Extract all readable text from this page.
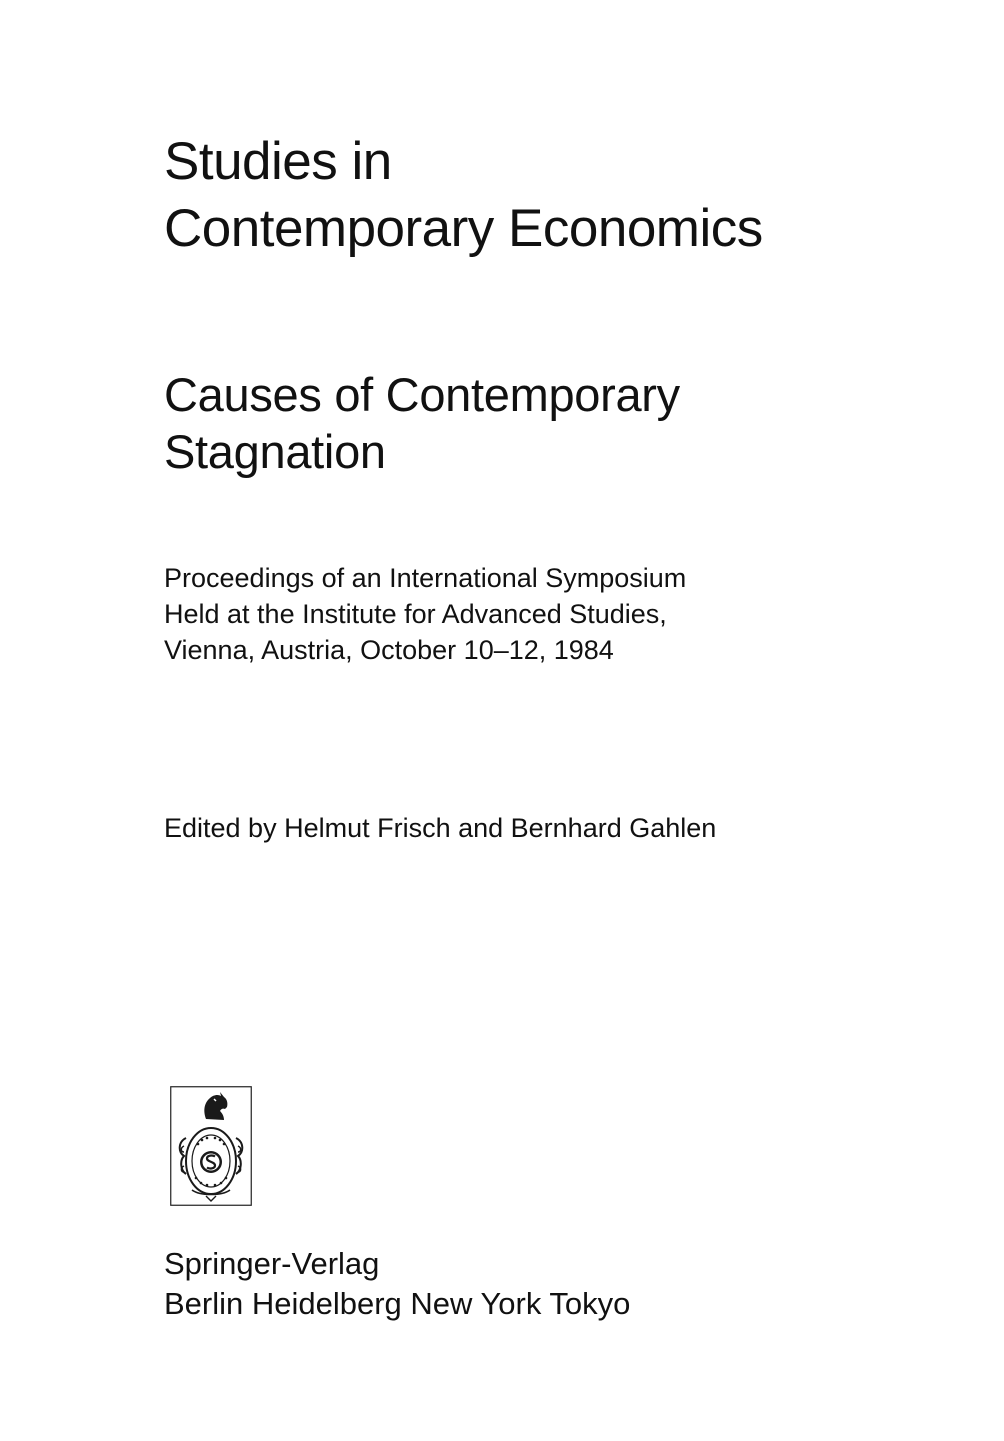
Studies in
Contemporary Economics
Causes of Contemporary
Stagnation
Proceedings of an International Symposium
Held at the Institute for Advanced Studies,
Vienna, Austria, October 10–12, 1984
Edited by Helmut Frisch and Bernhard Gahlen
Springer-Verlag
Berlin Heidelberg New York Tokyo
